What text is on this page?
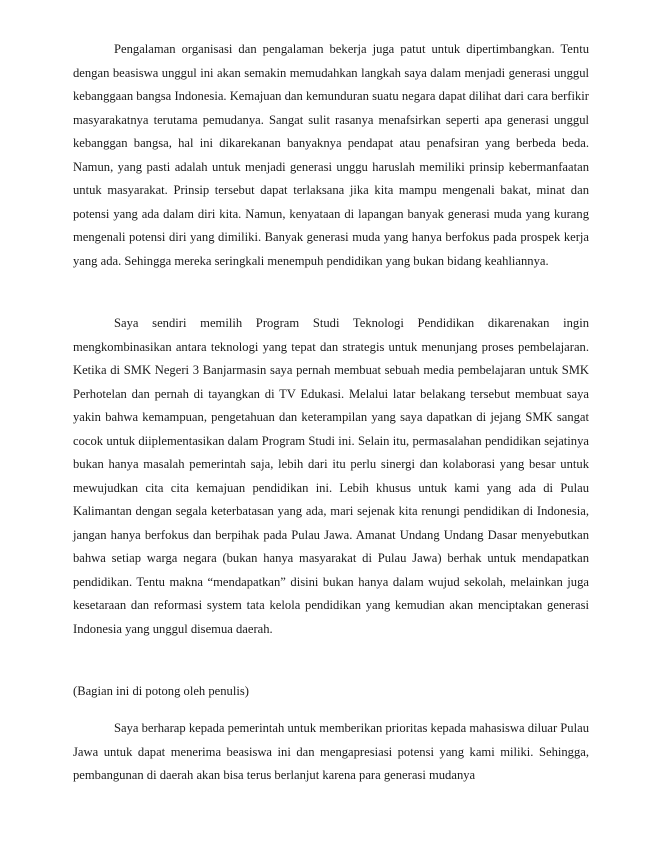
Pengalaman organisasi dan pengalaman bekerja juga patut untuk dipertimbangkan. Tentu dengan beasiswa unggul ini akan semakin memudahkan langkah saya dalam menjadi generasi unggul kebanggaan bangsa Indonesia. Kemajuan dan kemunduran suatu negara dapat dilihat dari cara berfikir masyarakatnya terutama pemudanya. Sangat sulit rasanya menafsirkan seperti apa generasi unggul kebanggan bangsa, hal ini dikarekanan banyaknya pendapat atau penafsiran yang berbeda beda. Namun, yang pasti adalah untuk menjadi generasi unggu haruslah memiliki prinsip kebermanfaatan untuk masyarakat. Prinsip tersebut dapat terlaksana jika kita mampu mengenali bakat, minat dan potensi yang ada dalam diri kita. Namun, kenyataan di lapangan banyak generasi muda yang kurang mengenali potensi diri yang dimiliki. Banyak generasi muda yang hanya berfokus pada prospek kerja yang ada. Sehingga mereka seringkali menempuh pendidikan yang bukan bidang keahliannya.

Saya sendiri memilih Program Studi Teknologi Pendidikan dikarenakan ingin mengkombinasikan antara teknologi yang tepat dan strategis untuk menunjang proses pembelajaran. Ketika di SMK Negeri 3 Banjarmasin saya pernah membuat sebuah media pembelajaran untuk SMK Perhotelan dan pernah di tayangkan di TV Edukasi. Melalui latar belakang tersebut membuat saya yakin bahwa kemampuan, pengetahuan dan keterampilan yang saya dapatkan di jejang SMK sangat cocok untuk diiplementasikan dalam Program Studi ini. Selain itu, permasalahan pendidikan sejatinya bukan hanya masalah pemerintah saja, lebih dari itu perlu sinergi dan kolaborasi yang besar untuk mewujudkan cita cita kemajuan pendidikan ini. Lebih khusus untuk kami yang ada di Pulau Kalimantan dengan segala keterbatasan yang ada, mari sejenak kita renungi pendidikan di Indonesia, jangan hanya berfokus dan berpihak pada Pulau Jawa. Amanat Undang Undang Dasar menyebutkan bahwa setiap warga negara (bukan hanya masyarakat di Pulau Jawa) berhak untuk mendapatkan pendidikan. Tentu makna “mendapatkan” disini bukan hanya dalam wujud sekolah, melainkan juga kesetaraan dan reformasi system tata kelola pendidikan yang kemudian akan menciptakan generasi Indonesia yang unggul disemua daerah.

(Bagian ini di potong oleh penulis)

Saya berharap kepada pemerintah untuk memberikan prioritas kepada mahasiswa diluar Pulau Jawa untuk dapat menerima beasiswa ini dan mengapresiasi potensi yang kami miliki. Sehingga, pembangunan di daerah akan bisa terus berlanjut karena para generasi mudanya
